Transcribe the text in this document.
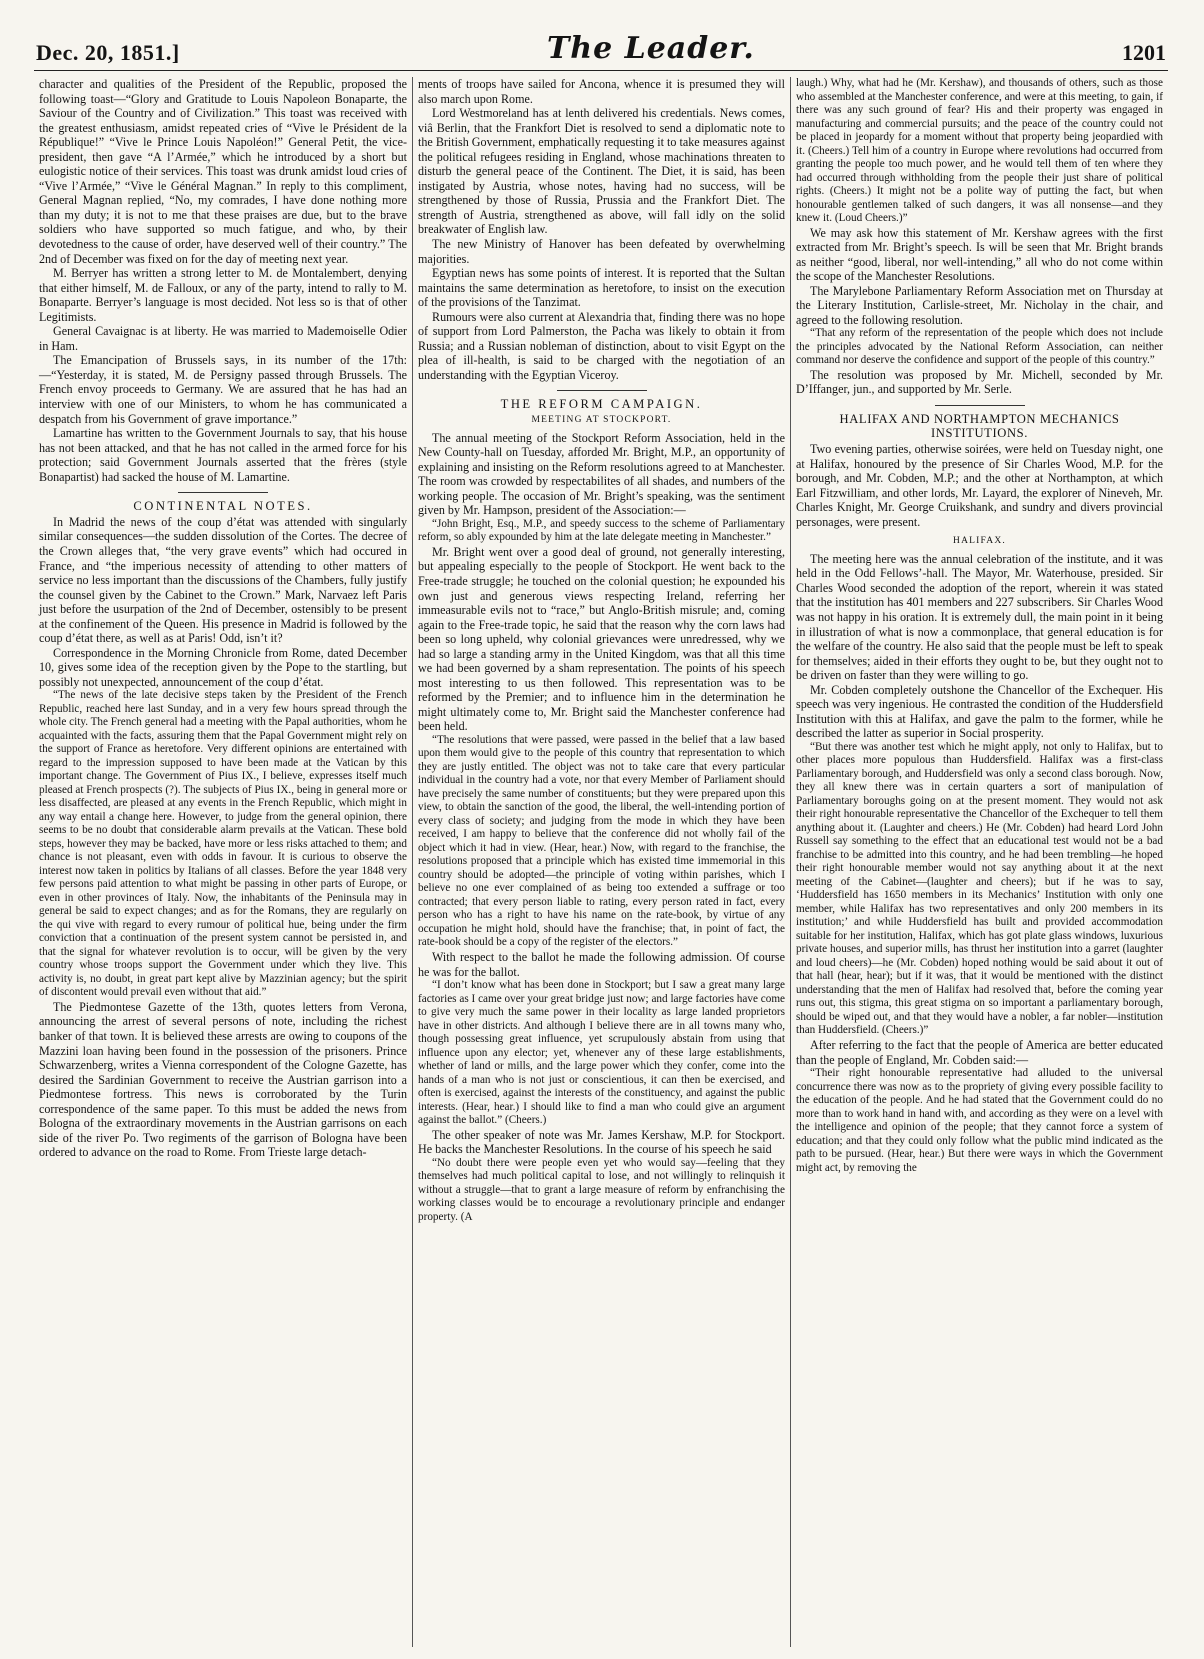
Dec. 20, 1851.]	The Leader.	1201

character and qualities of the President of the Republic, proposed the following toast—“Glory and Gratitude to Louis Napoleon Bonaparte, the Saviour of the Country and of Civilization.” This toast was received with the greatest enthusiasm, amidst repeated cries of “Vive le Président de la République!” “Vive le Prince Louis Napoléon!” General Petit, the vice-president, then gave “A l’Armée,” which he introduced by a short but eulogistic notice of their services. This toast was drunk amidst loud cries of “Vive l’Armée,” “Vive le Général Magnan.” In reply to this compliment, General Magnan replied, “No, my comrades, I have done nothing more than my duty; it is not to me that these praises are due, but to the brave soldiers who have supported so much fatigue, and who, by their devotedness to the cause of order, have deserved well of their country.” The 2nd of December was fixed on for the day of meeting next year.

M. Berryer has written a strong letter to M. de Montalembert, denying that either himself, M. de Falloux, or any of the party, intend to rally to M. Bonaparte. Berryer’s language is most decided. Not less so is that of other Legitimists.

General Cavaignac is at liberty. He was married to Mademoiselle Odier in Ham.

The Emancipation of Brussels says, in its number of the 17th:—“Yesterday, it is stated, M. de Persigny passed through Brussels. The French envoy proceeds to Germany. We are assured that he has had an interview with one of our Ministers, to whom he has communicated a despatch from his Government of grave importance.”

Lamartine has written to the Government Journals to say, that his house has not been attacked, and that he has not called in the armed force for his protection; said Government Journals asserted that the frères (style Bonapartist) had sacked the house of M. Lamartine.

CONTINENTAL NOTES.

In Madrid the news of the coup d’état was attended with singularly similar consequences—the sudden dissolution of the Cortes. The decree of the Crown alleges that, “the very grave events” which had occured in France, and “the imperious necessity of attending to other matters of service no less important than the discussions of the Chambers, fully justify the counsel given by the Cabinet to the Crown.” Mark, Narvaez left Paris just before the usurpation of the 2nd of December, ostensibly to be present at the confinement of the Queen. His presence in Madrid is followed by the coup d’état there, as well as at Paris! Odd, isn’t it?

Correspondence in the Morning Chronicle from Rome, dated December 10, gives some idea of the reception given by the Pope to the startling, but possibly not unexpected, announcement of the coup d’état.

“The news of the late decisive steps taken by the President of the French Republic, reached here last Sunday, and in a very few hours spread through the whole city. The French general had a meeting with the Papal authorities, whom he acquainted with the facts, assuring them that the Papal Government might rely on the support of France as heretofore. Very different opinions are entertained with regard to the impression supposed to have been made at the Vatican by this important change. The Government of Pius IX., I believe, expresses itself much pleased at French prospects (?). The subjects of Pius IX., being in general more or less disaffected, are pleased at any events in the French Republic, which might in any way entail a change here. However, to judge from the general opinion, there seems to be no doubt that considerable alarm prevails at the Vatican. These bold steps, however they may be backed, have more or less risks attached to them; and chance is not pleasant, even with odds in favour. It is curious to observe the interest now taken in politics by Italians of all classes. Before the year 1848 very few persons paid attention to what might be passing in other parts of Europe, or even in other provinces of Italy. Now, the inhabitants of the Peninsula may in general be said to expect changes; and as for the Romans, they are regularly on the qui vive with regard to every rumour of political hue, being under the firm conviction that a continuation of the present system cannot be persisted in, and that the signal for whatever revolution is to occur, will be given by the very country whose troops support the Government under which they live. This activity is, no doubt, in great part kept alive by Mazzinian agency; but the spirit of discontent would prevail even without that aid.”

The Piedmontese Gazette of the 13th, quotes letters from Verona, announcing the arrest of several persons of note, including the richest banker of that town. It is believed these arrests are owing to coupons of the Mazzini loan having been found in the possession of the prisoners. Prince Schwarzenberg, writes a Vienna correspondent of the Cologne Gazette, has desired the Sardinian Government to receive the Austrian garrison into a Piedmontese fortress. This news is corroborated by the Turin correspondence of the same paper. To this must be added the news from Bologna of the extraordinary movements in the Austrian garrisons on each side of the river Po. Two regiments of the garrison of Bologna have been ordered to advance on the road to Rome. From Trieste large detach-

ments of troops have sailed for Ancona, whence it is presumed they will also march upon Rome.

Lord Westmoreland has at lenth delivered his credentials. News comes, viâ Berlin, that the Frankfort Diet is resolved to send a diplomatic note to the British Government, emphatically requesting it to take measures against the political refugees residing in England, whose machinations threaten to disturb the general peace of the Continent. The Diet, it is said, has been instigated by Austria, whose notes, having had no success, will be strengthened by those of Russia, Prussia and the Frankfort Diet. The strength of Austria, strengthened as above, will fall idly on the solid breakwater of English law.

The new Ministry of Hanover has been defeated by overwhelming majorities.

Egyptian news has some points of interest. It is reported that the Sultan maintains the same determination as heretofore, to insist on the execution of the provisions of the Tanzimat.

Rumours were also current at Alexandria that, finding there was no hope of support from Lord Palmerston, the Pacha was likely to obtain it from Russia; and a Russian nobleman of distinction, about to visit Egypt on the plea of ill-health, is said to be charged with the negotiation of an understanding with the Egyptian Viceroy.

THE REFORM CAMPAIGN.
MEETING AT STOCKPORT.

The annual meeting of the Stockport Reform Association, held in the New County-hall on Tuesday, afforded Mr. Bright, M.P., an opportunity of explaining and insisting on the Reform resolutions agreed to at Manchester. The room was crowded by respectabilites of all shades, and numbers of the working people. The occasion of Mr. Bright’s speaking, was the sentiment given by Mr. Hampson, president of the Association:—

“John Bright, Esq., M.P., and speedy success to the scheme of Parliamentary reform, so ably expounded by him at the late delegate meeting in Manchester.”

Mr. Bright went over a good deal of ground, not generally interesting, but appealing especially to the people of Stockport. He went back to the Free-trade struggle; he touched on the colonial question; he expounded his own just and generous views respecting Ireland, referring her immeasurable evils not to “race,” but Anglo-British misrule; and, coming again to the Free-trade topic, he said that the reason why the corn laws had been so long upheld, why colonial grievances were unredressed, why we had so large a standing army in the United Kingdom, was that all this time we had been governed by a sham representation. The points of his speech most interesting to us then followed. This representation was to be reformed by the Premier; and to influence him in the determination he might ultimately come to, Mr. Bright said the Manchester conference had been held.

“The resolutions that were passed, were passed in the belief that a law based upon them would give to the people of this country that representation to which they are justly entitled. The object was not to take care that every particular individual in the country had a vote, nor that every Member of Parliament should have precisely the same number of constituents; but they were prepared upon this view, to obtain the sanction of the good, the liberal, the well-intending portion of every class of society; and judging from the mode in which they have been received, I am happy to believe that the conference did not wholly fail of the object which it had in view. (Hear, hear.) Now, with regard to the franchise, the resolutions proposed that a principle which has existed time immemorial in this country should be adopted—the principle of voting within parishes, which I believe no one ever complained of as being too extended a suffrage or too contracted; that every person liable to rating, every person rated in fact, every person who has a right to have his name on the rate-book, by virtue of any occupation he might hold, should have the franchise; that, in point of fact, the rate-book should be a copy of the register of the electors.”

With respect to the ballot he made the following admission. Of course he was for the ballot.

“I don’t know what has been done in Stockport; but I saw a great many large factories as I came over your great bridge just now; and large factories have come to give very much the same power in their locality as large landed proprietors have in other districts. And although I believe there are in all towns many who, though possessing great influence, yet scrupulously abstain from using that influence upon any elector; yet, whenever any of these large establishments, whether of land or mills, and the large power which they confer, come into the hands of a man who is not just or conscientious, it can then be exercised, and often is exercised, against the interests of the constituency, and against the public interests. (Hear, hear.) I should like to find a man who could give an argument against the ballot.” (Cheers.)

The other speaker of note was Mr. James Kershaw, M.P. for Stockport. He backs the Manchester Resolutions. In the course of his speech he said

“No doubt there were people even yet who would say—feeling that they themselves had much political capital to lose, and not willingly to relinquish it without a struggle—that to grant a large measure of reform by enfranchising the working classes would be to encourage a revolutionary principle and endanger property. (A

laugh.) Why, what had he (Mr. Kershaw), and thousands of others, such as those who assembled at the Manchester conference, and were at this meeting, to gain, if there was any such ground of fear? His and their property was engaged in manufacturing and commercial pursuits; and the peace of the country could not be placed in jeopardy for a moment without that property being jeopardied with it. (Cheers.) Tell him of a country in Europe where revolutions had occurred from granting the people too much power, and he would tell them of ten where they had occurred through withholding from the people their just share of political rights. (Cheers.) It might not be a polite way of putting the fact, but when honourable gentlemen talked of such dangers, it was all nonsense—and they knew it. (Loud Cheers.)”

We may ask how this statement of Mr. Kershaw agrees with the first extracted from Mr. Bright’s speech. Is will be seen that Mr. Bright brands as neither “good, liberal, nor well-intending,” all who do not come within the scope of the Manchester Resolutions.

The Marylebone Parliamentary Reform Association met on Thursday at the Literary Institution, Carlisle-street, Mr. Nicholay in the chair, and agreed to the following resolution.

“That any reform of the representation of the people which does not include the principles advocated by the National Reform Association, can neither command nor deserve the confidence and support of the people of this country.”

The resolution was proposed by Mr. Michell, seconded by Mr. D’Iffanger, jun., and supported by Mr. Serle.

HALIFAX AND NORTHAMPTON MECHANICS INSTITUTIONS.

Two evening parties, otherwise soirées, were held on Tuesday night, one at Halifax, honoured by the presence of Sir Charles Wood, M.P. for the borough, and Mr. Cobden, M.P.; and the other at Northampton, at which Earl Fitzwilliam, and other lords, Mr. Layard, the explorer of Nineveh, Mr. Charles Knight, Mr. George Cruikshank, and sundry and divers provincial personages, were present.

HALIFAX.

The meeting here was the annual celebration of the institute, and it was held in the Odd Fellows’-hall. The Mayor, Mr. Waterhouse, presided. Sir Charles Wood seconded the adoption of the report, wherein it was stated that the institution has 401 members and 227 subscribers. Sir Charles Wood was not happy in his oration. It is extremely dull, the main point in it being in illustration of what is now a commonplace, that general education is for the welfare of the country. He also said that the people must be left to speak for themselves; aided in their efforts they ought to be, but they ought not to be driven on faster than they were willing to go.

Mr. Cobden completely outshone the Chancellor of the Exchequer. His speech was very ingenious. He contrasted the condition of the Huddersfield Institution with this at Halifax, and gave the palm to the former, while he described the latter as superior in Social prosperity.

“But there was another test which he might apply, not only to Halifax, but to other places more populous than Huddersfield. Halifax was a first-class Parliamentary borough, and Huddersfield was only a second class borough. Now, they all knew there was in certain quarters a sort of manipulation of Parliamentary boroughs going on at the present moment. They would not ask their right honourable representative the Chancellor of the Exchequer to tell them anything about it. (Laughter and cheers.) He (Mr. Cobden) had heard Lord John Russell say something to the effect that an educational test would not be a bad franchise to be admitted into this country, and he had been trembling—he hoped their right honourable member would not say anything about it at the next meeting of the Cabinet—(laughter and cheers); but if he was to say, ‘Huddersfield has 1650 members in its Mechanics’ Institution with only one member, while Halifax has two representatives and only 200 members in its institution;’ and while Huddersfield has built and provided accommodation suitable for her institution, Halifax, which has got plate glass windows, luxurious private houses, and superior mills, has thrust her institution into a garret (laughter and loud cheers)—he (Mr. Cobden) hoped nothing would be said about it out of that hall (hear, hear); but if it was, that it would be mentioned with the distinct understanding that the men of Halifax had resolved that, before the coming year runs out, this stigma, this great stigma on so important a parliamentary borough, should be wiped out, and that they would have a nobler, a far nobler—institution than Huddersfield. (Cheers.)”

After referring to the fact that the people of America are better educated than the people of England, Mr. Cobden said:—

“Their right honourable representative had alluded to the universal concurrence there was now as to the propriety of giving every possible facility to the education of the people. And he had stated that the Government could do no more than to work hand in hand with, and according as they were on a level with the intelligence and opinion of the people; that they cannot force a system of education; and that they could only follow what the public mind indicated as the path to be pursued. (Hear, hear.) But there were ways in which the Government might act, by removing the
